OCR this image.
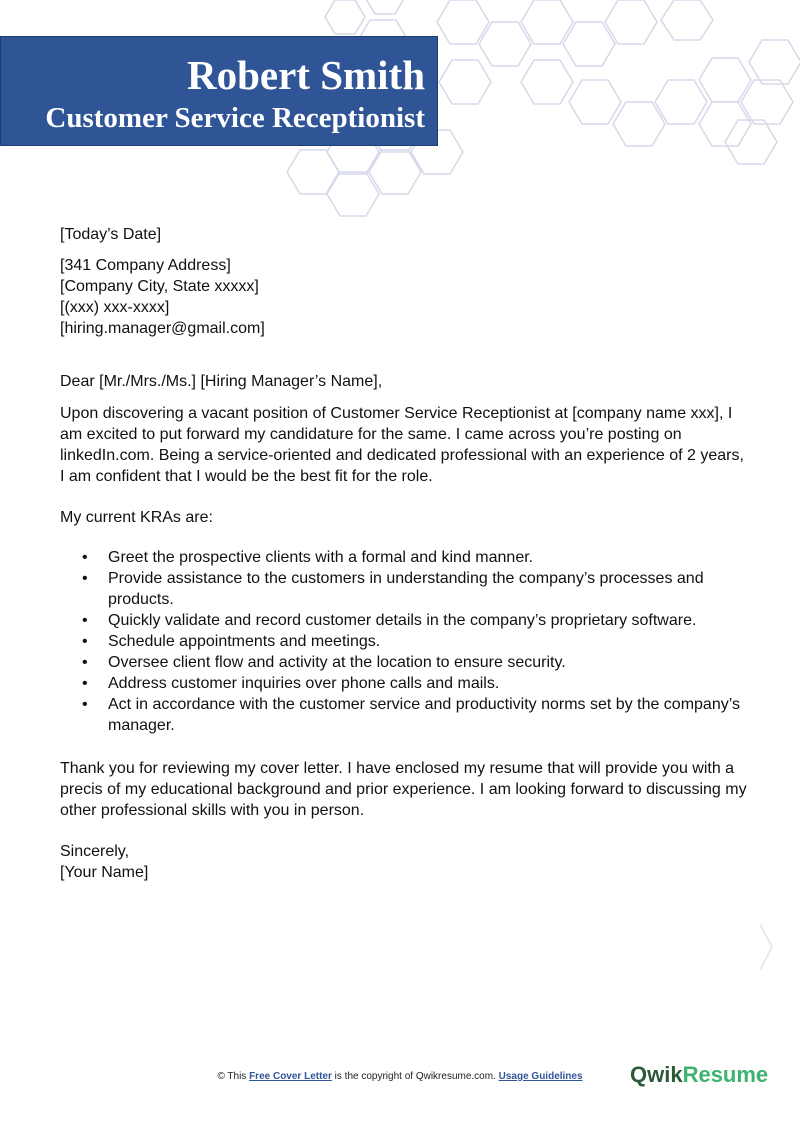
Robert Smith
Customer Service Receptionist

[Today’s Date]

[341 Company Address]

[Company City, State xxxxx]

[(xxx) xxx-xxxx]

[hiring.manager@gmail.com]

Dear [Mr./Mrs./Ms.] [Hiring Manager’s Name],

Upon discovering a vacant position of Customer Service Receptionist at [company name xxx], I am excited to put forward my candidature for the same. I came across you’re posting on linkedIn.com. Being a service-oriented and dedicated professional with an experience of 2 years, I am confident that I would be the best fit for the role.

My current KRAs are:

• Greet the prospective clients with a formal and kind manner.
• Provide assistance to the customers in understanding the company’s processes and products.
• Quickly validate and record customer details in the company’s proprietary software.
• Schedule appointments and meetings.
• Oversee client flow and activity at the location to ensure security.
• Address customer inquiries over phone calls and mails.
• Act in accordance with the customer service and productivity norms set by the company’s manager.

Thank you for reviewing my cover letter. I have enclosed my resume that will provide you with a precis of my educational background and prior experience. I am looking forward to discussing my other professional skills with you in person.

Sincerely,

[Your Name]

© This Free Cover Letter is the copyright of Qwikresume.com. Usage Guidelines	QwikResume
